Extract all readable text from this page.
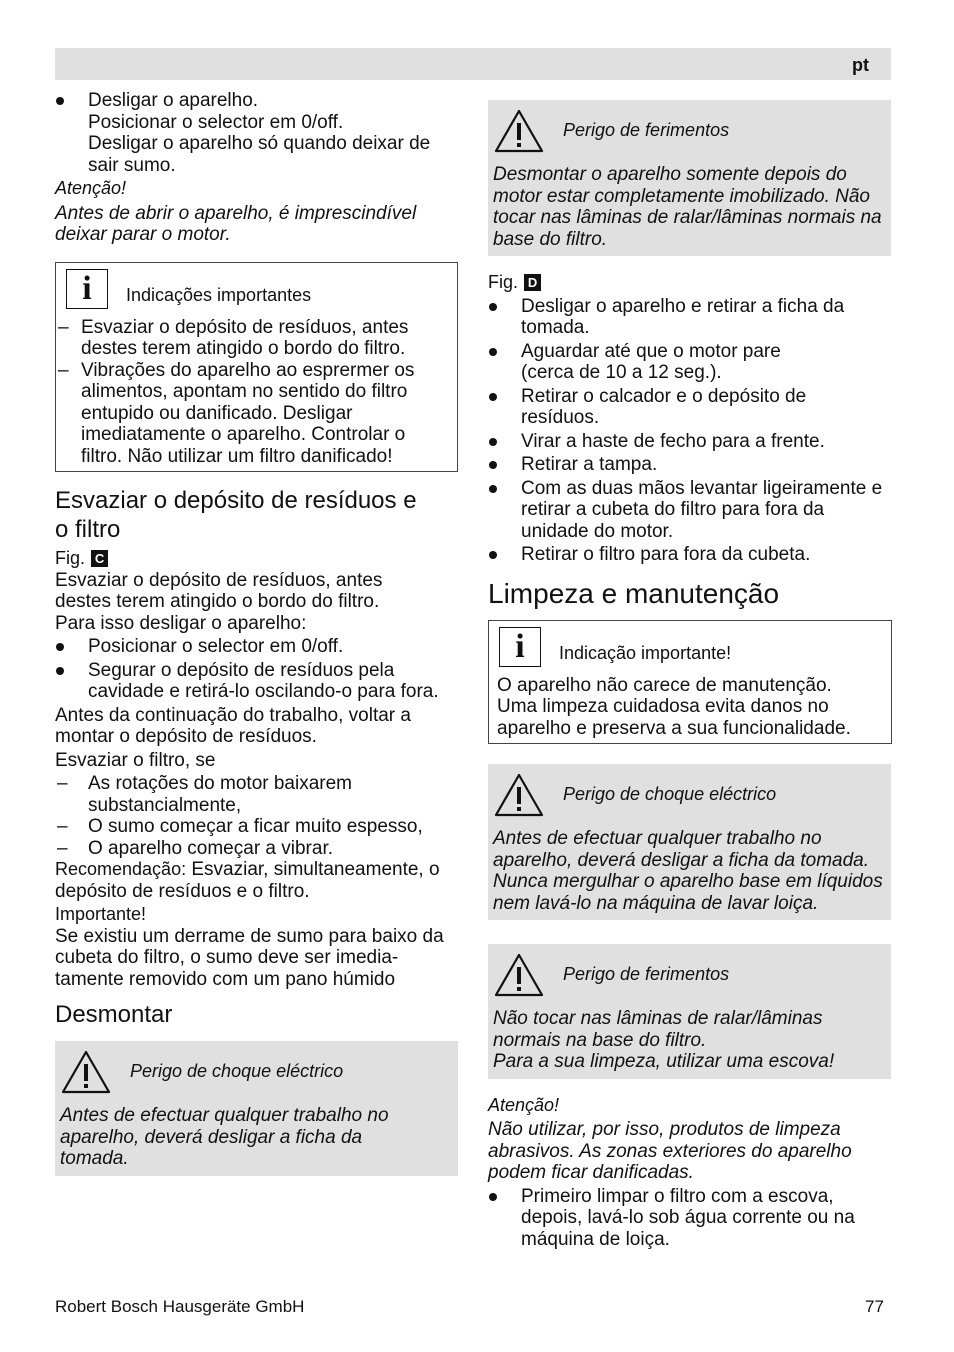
pt
Desligar o aparelho.
Posicionar o selector em 0/off.
Desligar o aparelho só quando deixar de sair sumo.
Atenção!
Antes de abrir o aparelho, é imprescindível deixar parar o motor.
i	Indicações importantes
– Esvaziar o depósito de resíduos, antes destes terem atingido o bordo do filtro.
– Vibrações do aparelho ao esprermer os alimentos, apontam no sentido do filtro entupido ou danificado. Desligar imediatamente o aparelho. Controlar o filtro. Não utilizar um filtro danificado!
Esvaziar o depósito de resíduos e o filtro
Fig. C
Esvaziar o depósito de resíduos, antes destes terem atingido o bordo do filtro.
Para isso desligar o aparelho:
Posicionar o selector em 0/off.
Segurar o depósito de resíduos pela cavidade e retirá-lo oscilando-o para fora.
Antes da continuação do trabalho, voltar a montar o depósito de resíduos.
Esvaziar o filtro, se
– As rotações do motor baixarem substancialmente,
– O sumo começar a ficar muito espesso,
– O aparelho começar a vibrar.
Recomendação: Esvaziar, simultaneamente, o depósito de resíduos e o filtro.
Importante!
Se existiu um derrame de sumo para baixo da cubeta do filtro, o sumo deve ser imedia-tamente removido com um pano húmido
Desmontar
Perigo de choque eléctrico
Antes de efectuar qualquer trabalho no aparelho, deverá desligar a ficha da tomada.
Perigo de ferimentos
Desmontar o aparelho somente depois do motor estar completamente imobilizado. Não tocar nas lâminas de ralar/lâminas normais na base do filtro.
Fig. D
Desligar o aparelho e retirar a ficha da tomada.
Aguardar até que o motor pare (cerca de 10 a 12 seg.).
Retirar o calcador e o depósito de resíduos.
Virar a haste de fecho para a frente.
Retirar a tampa.
Com as duas mãos levantar ligeiramente e retirar a cubeta do filtro para fora da unidade do motor.
Retirar o filtro para fora da cubeta.
Limpeza e manutenção
i	Indicação importante!
O aparelho não carece de manutenção. Uma limpeza cuidadosa evita danos no aparelho e preserva a sua funcionalidade.
Perigo de choque eléctrico
Antes de efectuar qualquer trabalho no aparelho, deverá desligar a ficha da tomada. Nunca mergulhar o aparelho base em líquidos nem lavá-lo na máquina de lavar loiça.
Perigo de ferimentos
Não tocar nas lâminas de ralar/lâminas normais na base do filtro.
Para a sua limpeza, utilizar uma escova!
Atenção!
Não utilizar, por isso, produtos de limpeza abrasivos. As zonas exteriores do aparelho podem ficar danificadas.
Primeiro limpar o filtro com a escova, depois, lavá-lo sob água corrente ou na máquina de loiça.
Robert Bosch Hausgeräte GmbH	77
